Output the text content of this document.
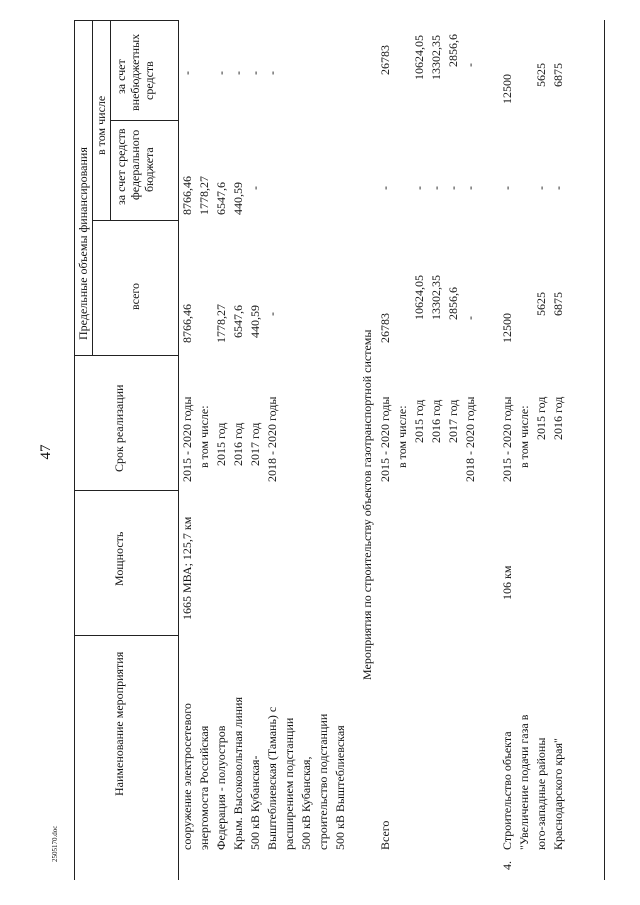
47
2505170.doc
Наименование мероприятия
Мощность
Срок реализации
Предельные объемы финансирования	всего
в том числе
за счет средств федерального бюджета
за счет внебюджетных средств
сооружение электросетевого энергомоста Российская Федерация - полуостров Крым. Высоковольтная линия 500 кВ Кубанская- Выштеблиевская (Тамань) с расширением подстанции 500 кВ Кубанская, строительство подстанции 500 кВ Выштеблиевская
1665 МВА; 125,7 км
2015 - 2020 годы в том числе: 2015 год 2016 год 2017 год 2018 - 2020 годы
8766,46 1778,27 6547,6 440,59 -
8766,46 1778,27 6547,6 440,59 -
- - - - -
Мероприятия по строительству объектов газотранспортной системы
Всего
2015 - 2020 годы в том числе: 2015 год 2016 год 2017 год 2018 - 2020 годы
26783
10624,05 13302,35 2856,6 -
- - - - -
26783 10624,05 13302,35 2856,6 -
4.
Строительство объекта "Увеличение подачи газа в юго-западные районы Краснодарского края"
106 км
2015 - 2020 годы в том числе: 2015 год 2016 год
12500
5625 6875
- - -
12500 5625 6875
